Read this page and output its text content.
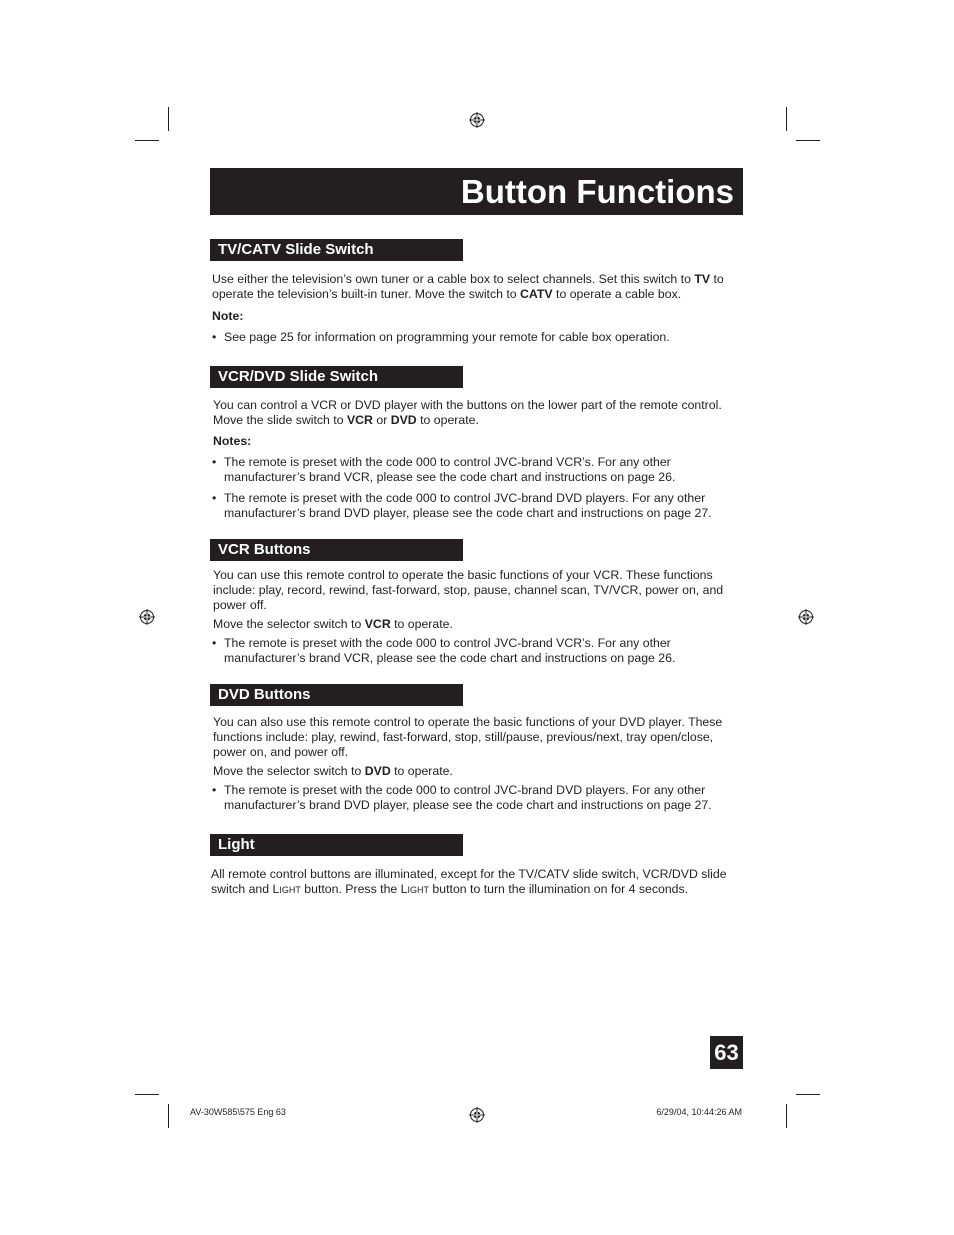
Button Functions
TV/CATV Slide Switch

Use either the television’s own tuner or a cable box to select channels. Set this switch to TV to operate the television’s built-in tuner. Move the switch to CATV to operate a cable box.

Note:

• See page 25 for information on programming your remote for cable box operation.
VCR/DVD Slide Switch

You can control a VCR or DVD player with the buttons on the lower part of the remote control. Move the slide switch to VCR or DVD to operate.

Notes:

• The remote is preset with the code 000 to control JVC-brand VCR’s. For any other manufacturer’s brand VCR, please see the code chart and instructions on page 26.
• The remote is preset with the code 000 to control JVC-brand DVD players. For any other manufacturer’s brand DVD player, please see the code chart and instructions on page 27.
VCR Buttons

You can use this remote control to operate the basic functions of your VCR. These functions include: play, record, rewind, fast-forward, stop, pause, channel scan, TV/VCR, power on, and power off.

Move the selector switch to VCR to operate.

• The remote is preset with the code 000 to control JVC-brand VCR’s. For any other manufacturer’s brand VCR, please see the code chart and instructions on page 26.
DVD Buttons

You can also use this remote control to operate the basic functions of your DVD player. These functions include: play, rewind, fast-forward, stop, still/pause, previous/next, tray open/close, power on, and power off.

Move the selector switch to DVD to operate.

• The remote is preset with the code 000 to control JVC-brand DVD players. For any other manufacturer’s brand DVD player, please see the code chart and instructions on page 27.
Light

All remote control buttons are illuminated, except for the TV/CATV slide switch, VCR/DVD slide switch and Light button. Press the Light button to turn the illumination on for 4 seconds.

63
AV-30W585\575 Eng 63	6/29/04, 10:44:26 AM
